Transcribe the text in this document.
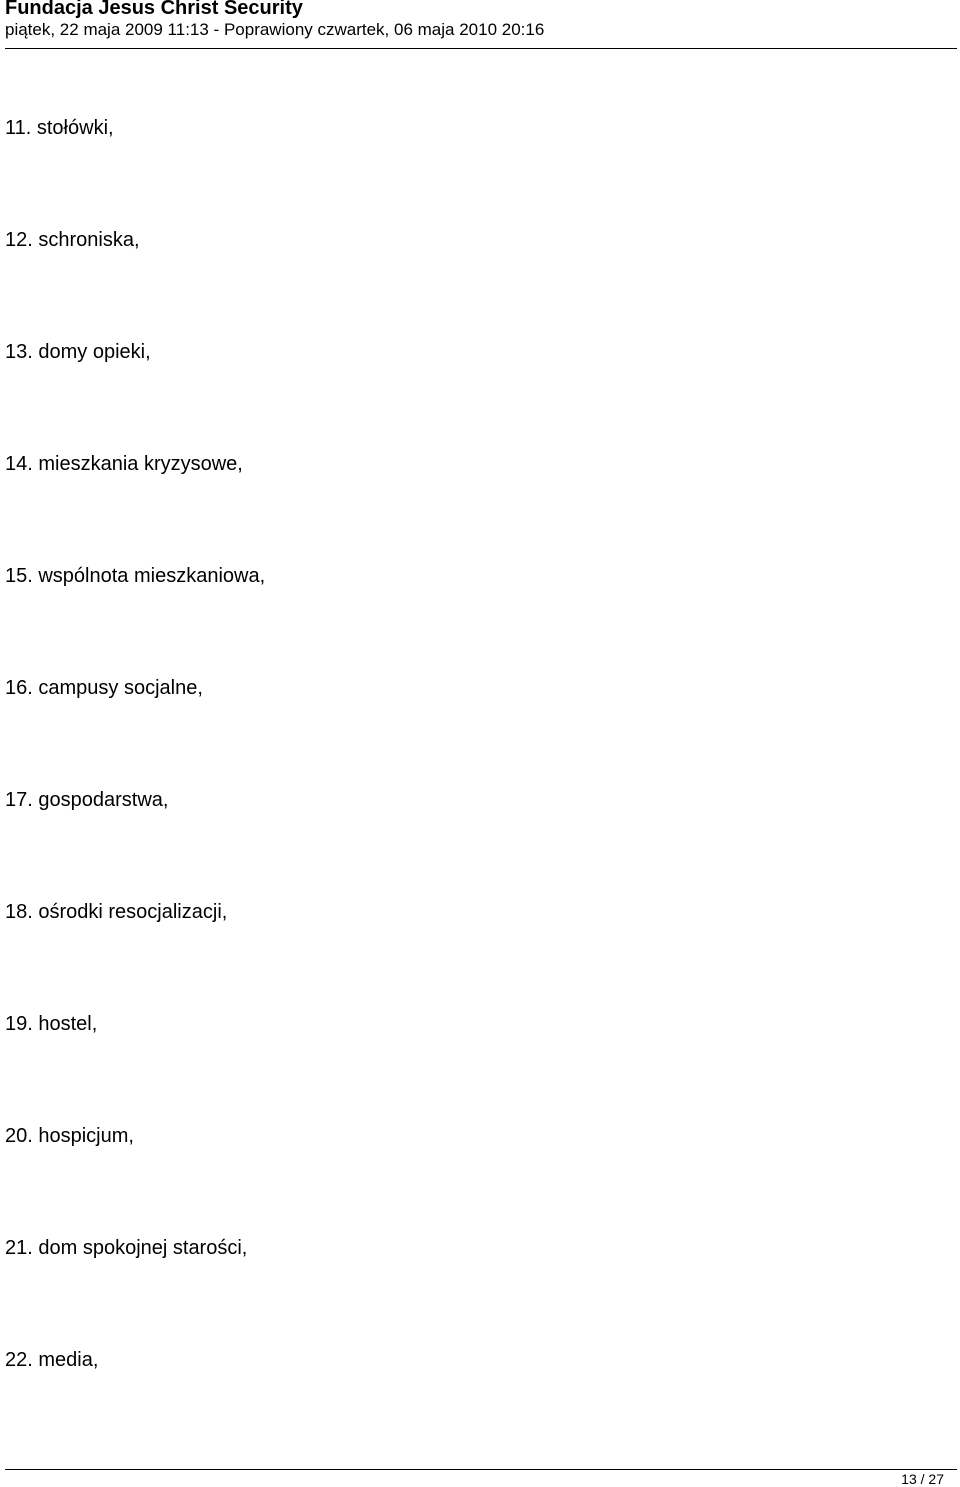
Fundacja Jesus Christ Security
piątek, 22 maja 2009 11:13 - Poprawiony czwartek, 06 maja 2010 20:16
11. stołówki,
12. schroniska,
13. domy opieki,
14. mieszkania kryzysowe,
15. wspólnota mieszkaniowa,
16. campusy socjalne,
17. gospodarstwa,
18. ośrodki resocjalizacji,
19. hostel,
20. hospicjum,
21. dom spokojnej starości,
22. media,
13 / 27
